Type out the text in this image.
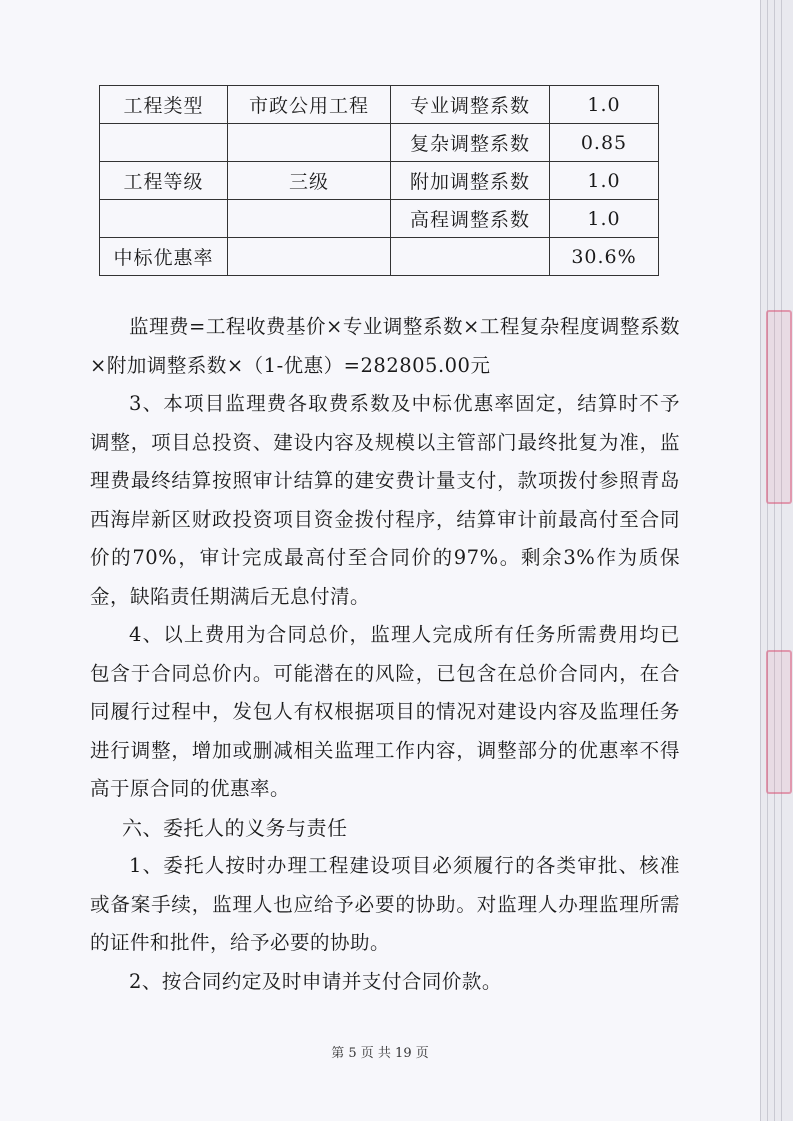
工程类型	市政公用工程	专业调整系数	1.0
		复杂调整系数	0.85
工程等级	三级	附加调整系数	1.0
		高程调整系数	1.0
中标优惠率			30.6%

监理费=工程收费基价×专业调整系数×工程复杂程度调整系数×附加调整系数×（1-优惠）=282805.00元

3、本项目监理费各取费系数及中标优惠率固定，结算时不予调整，项目总投资、建设内容及规模以主管部门最终批复为准，监理费最终结算按照审计结算的建安费计量支付，款项拨付参照青岛西海岸新区财政投资项目资金拨付程序，结算审计前最高付至合同价的70%，审计完成最高付至合同价的97%。剩余3%作为质保金，缺陷责任期满后无息付清。

4、以上费用为合同总价，监理人完成所有任务所需费用均已包含于合同总价内。可能潜在的风险，已包含在总价合同内，在合同履行过程中，发包人有权根据项目的情况对建设内容及监理任务进行调整，增加或删减相关监理工作内容，调整部分的优惠率不得高于原合同的优惠率。

六、委托人的义务与责任

1、委托人按时办理工程建设项目必须履行的各类审批、核准或备案手续，监理人也应给予必要的协助。对监理人办理监理所需的证件和批件，给予必要的协助。

2、按合同约定及时申请并支付合同价款。

第 5 页 共 19 页
